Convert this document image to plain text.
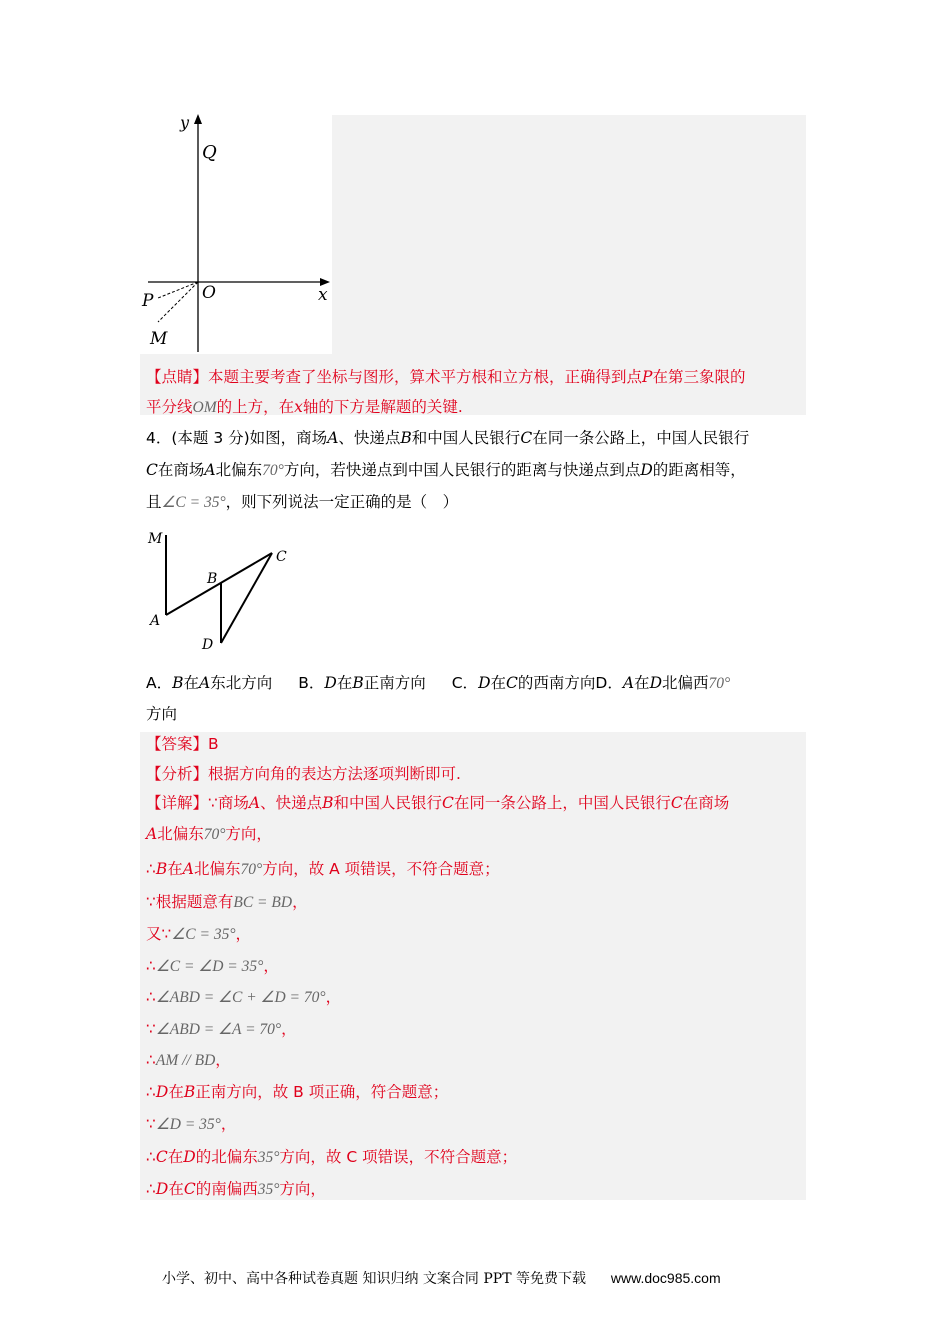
y
Q
O	x
P
M
【点睛】本题主要考查了坐标与图形，算术平方根和立方根，正确得到点P在第三象限的
平分线OM的上方，在x轴的下方是解题的关键.
4．(本题 3 分)如图，商场A、快递点B和中国人民银行C在同一条公路上，中国人民银行
C在商场A北偏东70°方向，若快递点到中国人民银行的距离与快递点到点D的距离相等，
且∠C = 35°，则下列说法一定正确的是（　）
M
B
C
A
D
A．B在A东北方向 B．D在B正南方向 C．D在C的西南方向D．A在D北偏西70°
方向
【答案】B
【分析】根据方向角的表达方法逐项判断即可.
【详解】∵商场A、快递点B和中国人民银行C在同一条公路上，中国人民银行C在商场
A北偏东70°方向，
∴B在A北偏东70°方向，故 A 项错误，不符合题意；
∵根据题意有BC = BD，
又∵∠C = 35°，
∴∠C = ∠D = 35°，
∴∠ABD = ∠C + ∠D = 70°，
∵∠ABD = ∠A = 70°，
∴AM // BD，
∴D在B正南方向，故 B 项正确，符合题意；
∵∠D = 35°，
∴C在D的北偏东35°方向，故 C 项错误，不符合题意；
∴D在C的南偏西35°方向，
小学、初中、高中各种试卷真题 知识归纳 文案合同 PPT 等免费下载 www.doc985.com
